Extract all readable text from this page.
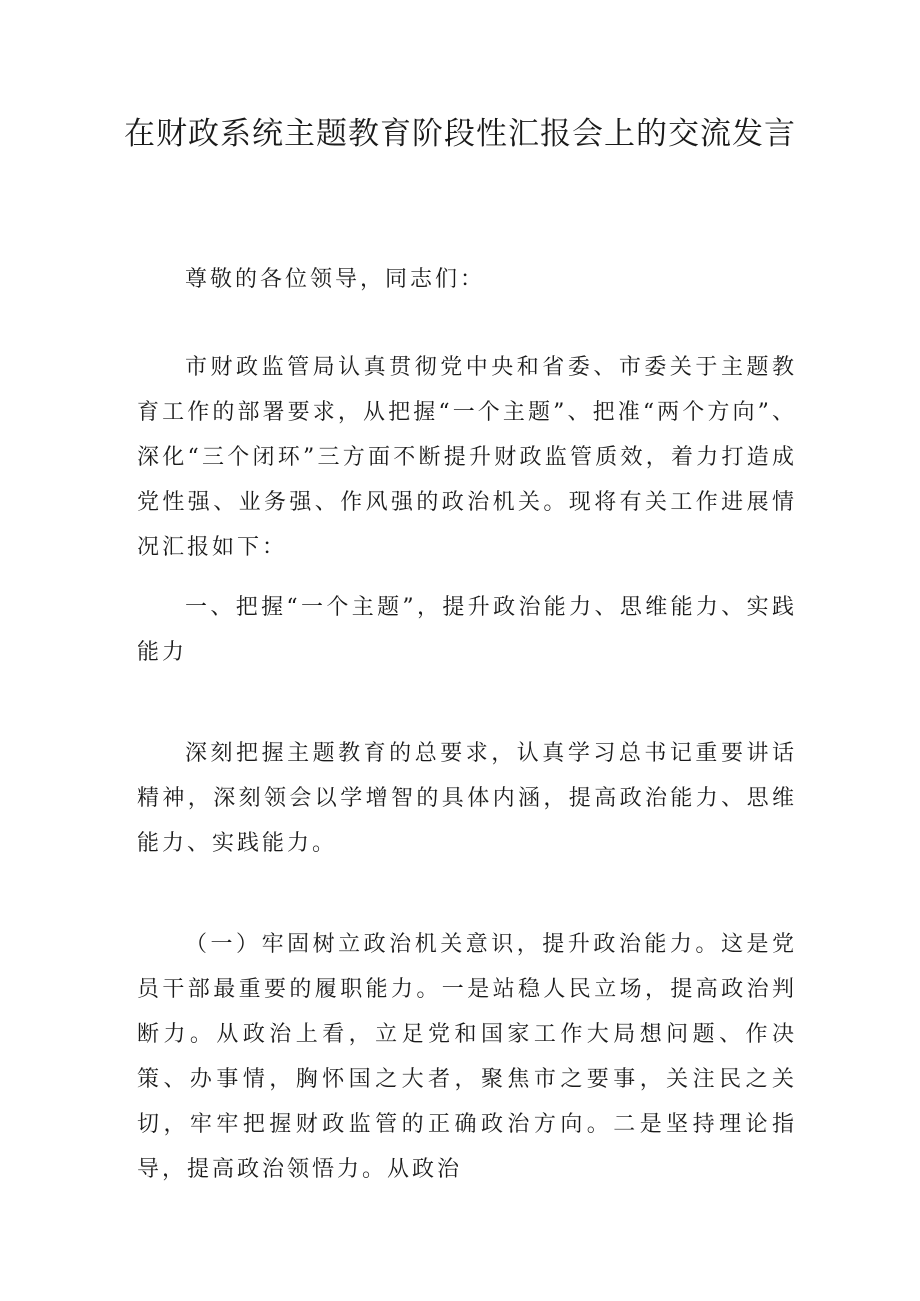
在财政系统主题教育阶段性汇报会上的交流发言

尊敬的各位领导，同志们：

市财政监管局认真贯彻党中央和省委、市委关于主题教育工作的部署要求，从把握“一个主题”、把准“两个方向”、深化“三个闭环”三方面不断提升财政监管质效，着力打造成党性强、业务强、作风强的政治机关。现将有关工作进展情况汇报如下：

一、把握“一个主题”，提升政治能力、思维能力、实践能力

深刻把握主题教育的总要求，认真学习总书记重要讲话精神，深刻领会以学增智的具体内涵，提高政治能力、思维能力、实践能力。

（一）牢固树立政治机关意识，提升政治能力。这是党员干部最重要的履职能力。一是站稳人民立场，提高政治判断力。从政治上看，立足党和国家工作大局想问题、作决策、办事情，胸怀国之大者，聚焦市之要事，关注民之关切，牢牢把握财政监管的正确政治方向。二是坚持理论指导，提高政治领悟力。从政治
